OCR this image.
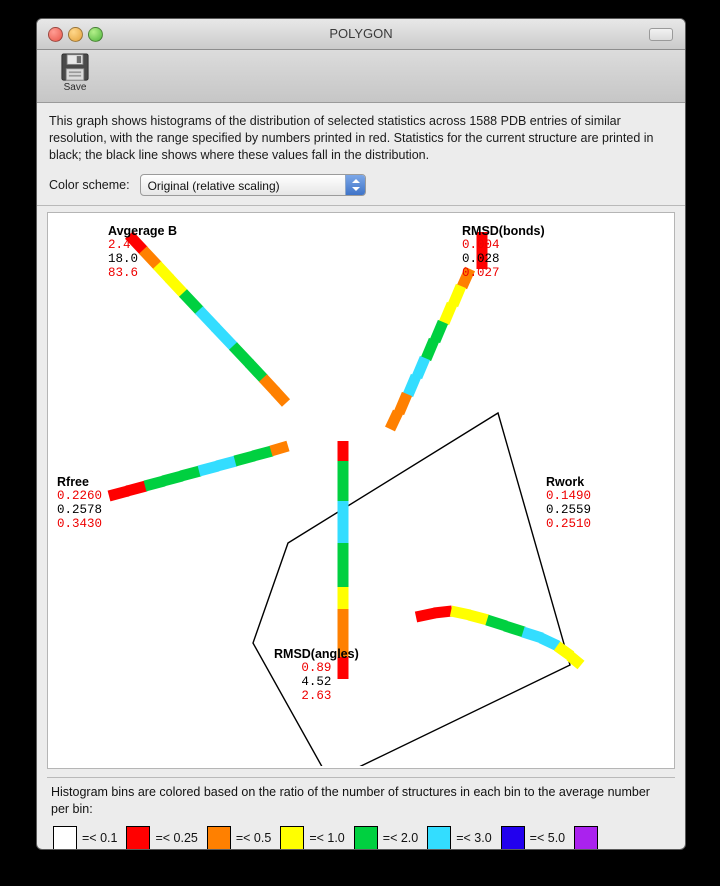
POLYGON
Save
This graph shows histograms of the distribution of selected statistics across 1588 PDB entries of similar resolution, with the range specified by numbers printed in red. Statistics for the current structure are printed in black; the black line shows where these values fall in the distribution.
Color scheme:	Original (relative scaling)
Avgerage B
2.4
18.0
83.6
RMSD(bonds)
0.004
0.028
0.027
Rwork
0.1490
0.2559
0.2510
RMSD(angles)
0.89
4.52
2.63
Rfree
0.2260
0.2578
0.3430
Histogram bins are colored based on the ratio of the number of structures in each bin to the average number per bin:
=< 0.1	=< 0.25	=< 0.5	=< 1.0	=< 2.0	=< 3.0	=< 5.0
